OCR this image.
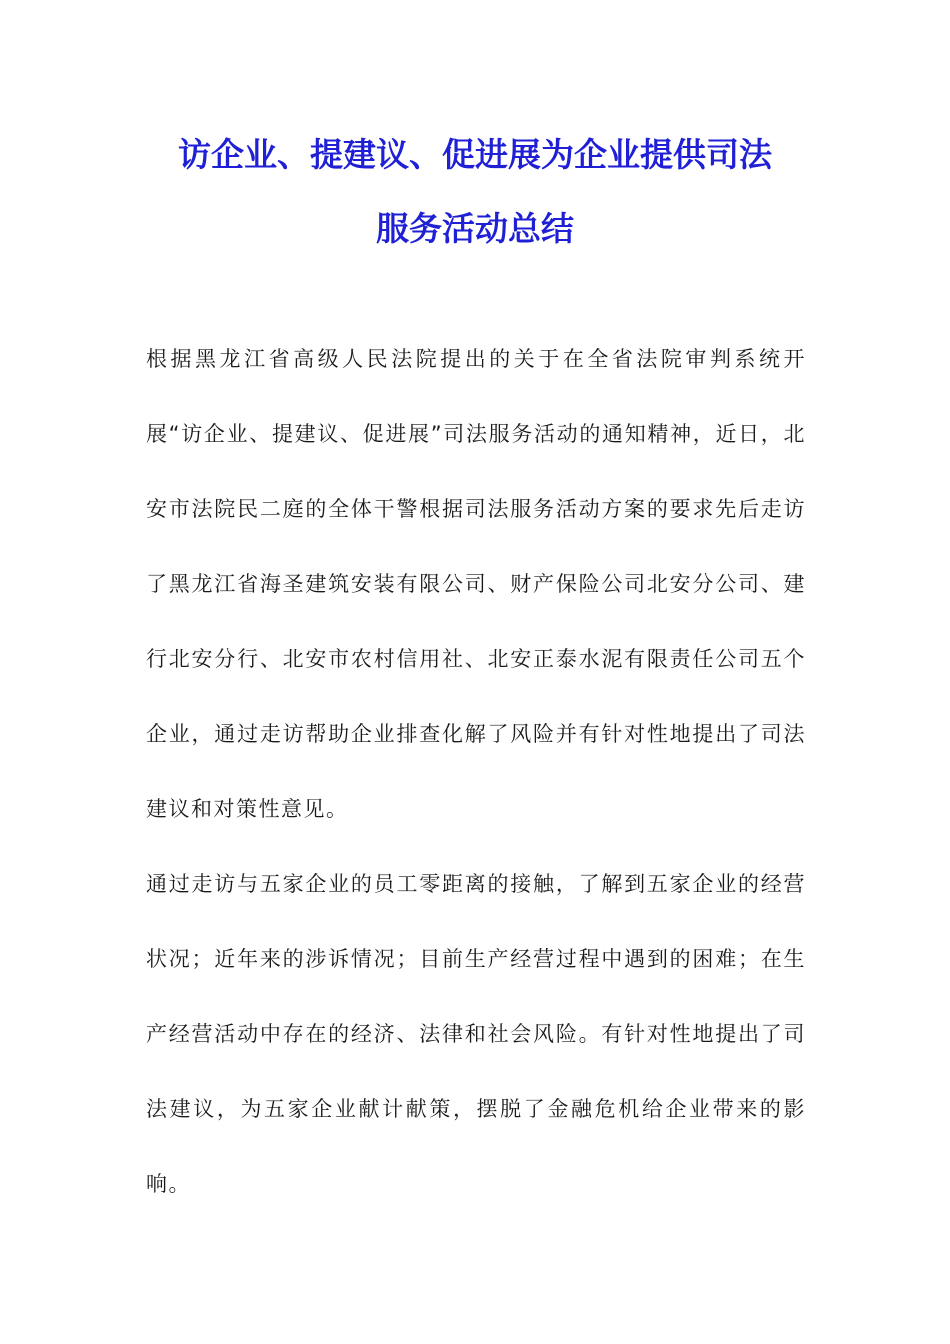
访企业、提建议、促进展为企业提供司法
服务活动总结

根据黑龙江省高级人民法院提出的关于在全省法院审判系统开展“访企业、提建议、促进展”司法服务活动的通知精神，近日，北安市法院民二庭的全体干警根据司法服务活动方案的要求先后走访了黑龙江省海圣建筑安装有限公司、财产保险公司北安分公司、建行北安分行、北安市农村信用社、北安正泰水泥有限责任公司五个企业，通过走访帮助企业排查化解了风险并有针对性地提出了司法建议和对策性意见。

通过走访与五家企业的员工零距离的接触，了解到五家企业的经营状况；近年来的涉诉情况；目前生产经营过程中遇到的困难；在生产经营活动中存在的经济、法律和社会风险。有针对性地提出了司法建议，为五家企业献计献策，摆脱了金融危机给企业带来的影响。
